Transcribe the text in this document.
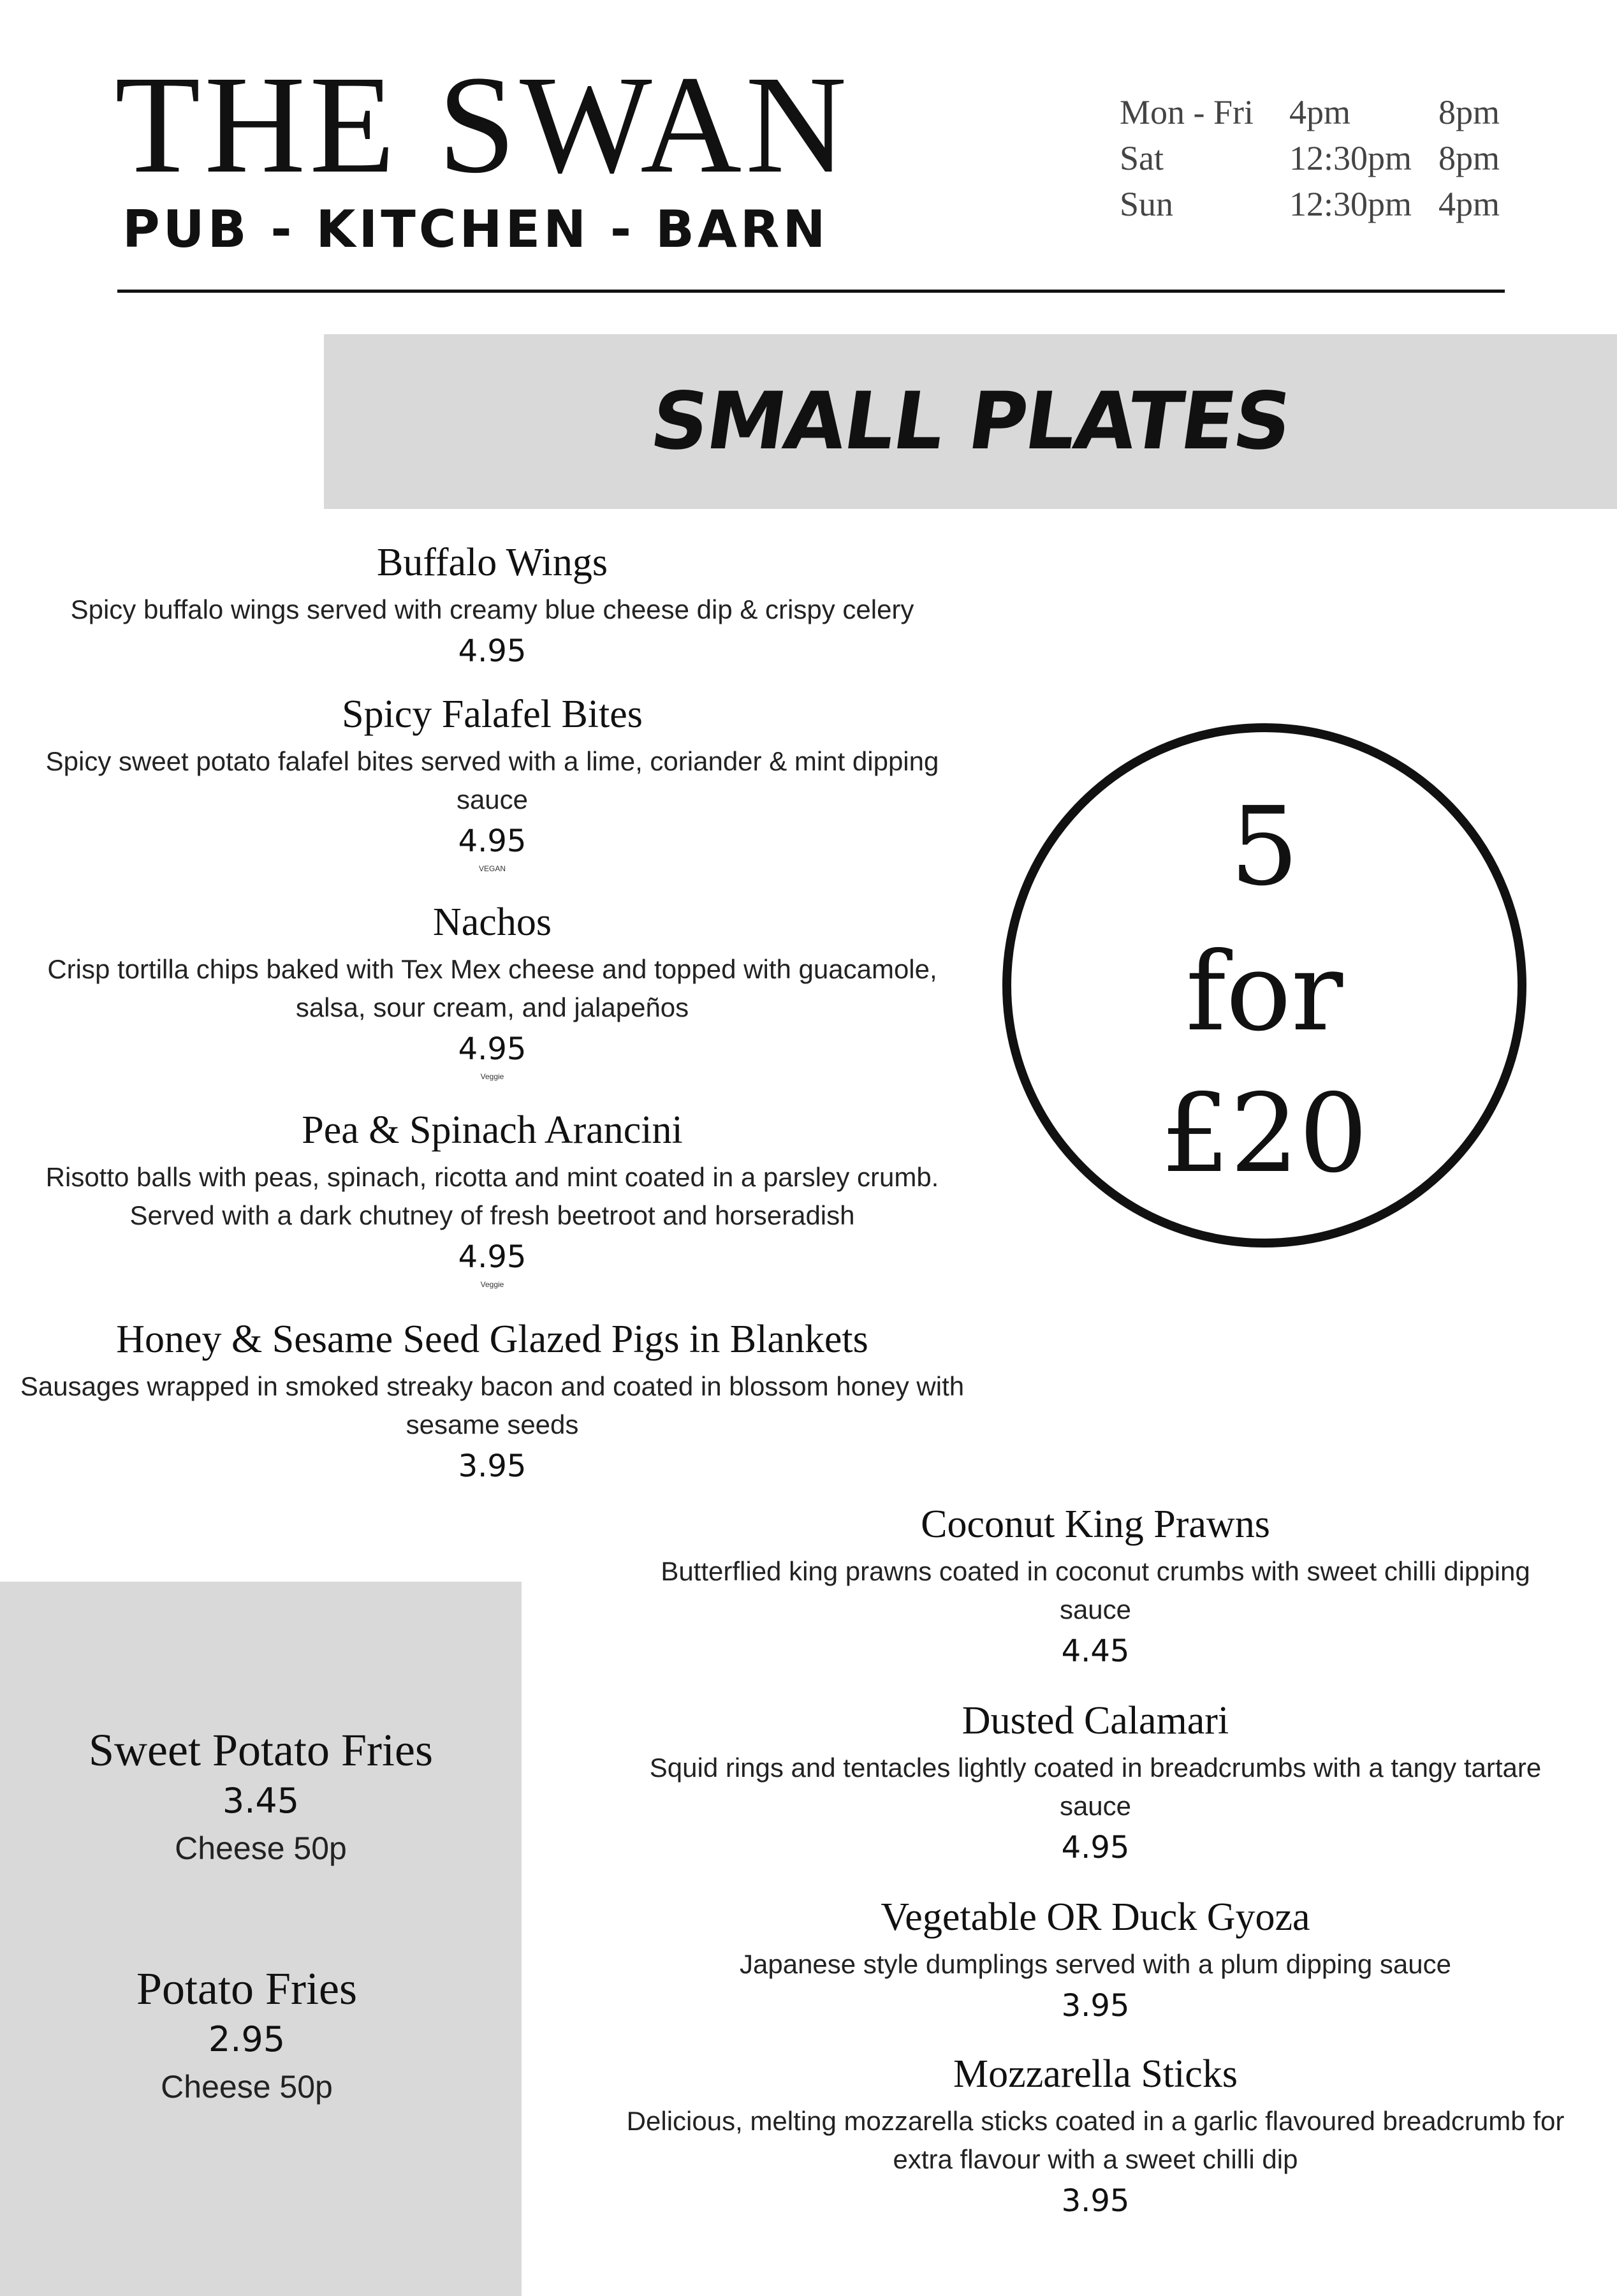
THE SWAN
PUB - KITCHEN - BARN
Mon - Fri	4pm	8pm
Sat	12:30pm 8pm
Sun	12:30pm 4pm
SMALL PLATES
Buffalo Wings
Spicy buffalo wings served with creamy blue cheese dip & crispy celery
4.95
Spicy Falafel Bites
Spicy sweet potato falafel bites served with a lime, coriander & mint dipping sauce
4.95
VEGAN
Nachos
Crisp tortilla chips baked with Tex Mex cheese and topped with guacamole, salsa, sour cream, and jalapeños
4.95
Veggie
Pea & Spinach Arancini
Risotto balls with peas, spinach, ricotta and mint coated in a parsley crumb. Served with a dark chutney of fresh beetroot and horseradish
4.95
Veggie
Honey & Sesame Seed Glazed Pigs in Blankets
Sausages wrapped in smoked streaky bacon and coated in blossom honey with sesame seeds
3.95
5
for
£20
Coconut King Prawns
Butterflied king prawns coated in coconut crumbs with sweet chilli dipping sauce
4.45
Dusted Calamari
Squid rings and tentacles lightly coated in breadcrumbs with a tangy tartare sauce
4.95
Vegetable OR Duck Gyoza
Japanese style dumplings served with a plum dipping sauce
3.95
Mozzarella Sticks
Delicious, melting mozzarella sticks coated in a garlic flavoured breadcrumb for extra flavour with a sweet chilli dip
3.95
Sweet Potato Fries
3.45
Cheese 50p
Potato Fries
2.95
Cheese 50p
